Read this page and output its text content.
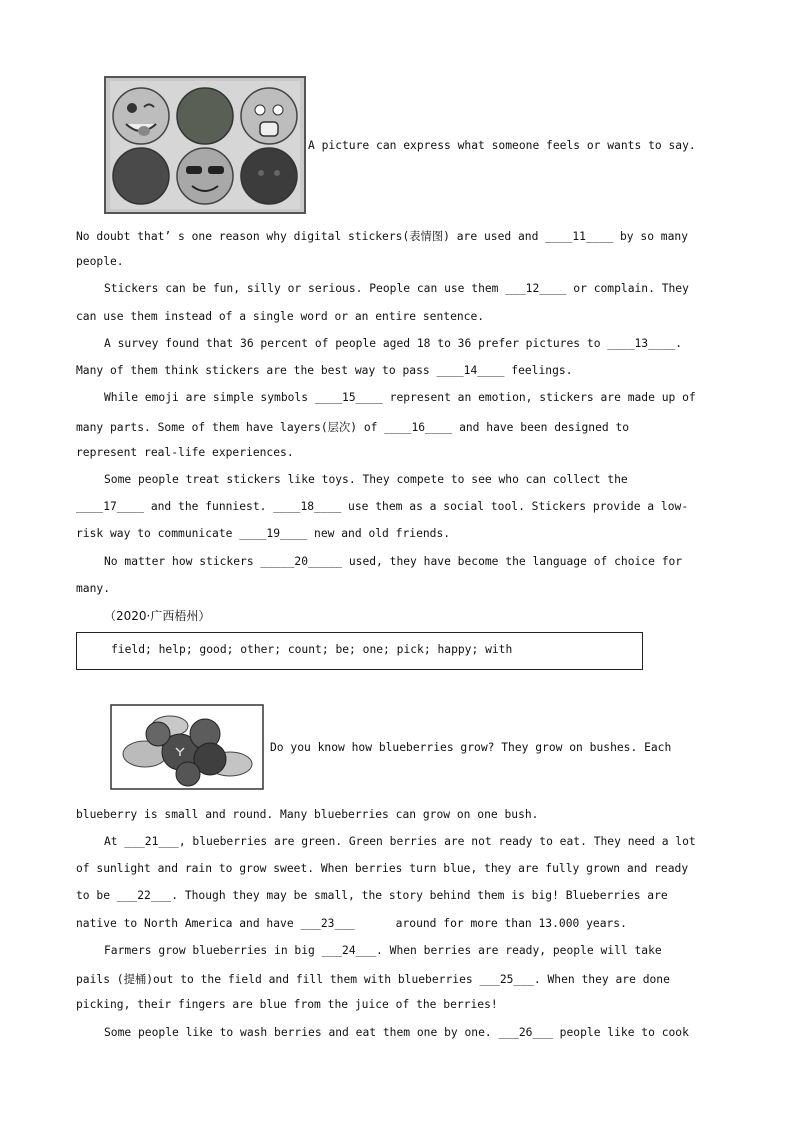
A picture can express what someone feels or wants to say.
No doubt that’ s one reason why digital stickers(表情图) are used and ____11____ by so many
people.
Stickers can be fun, silly or serious. People can use them ___12____ or complain. They
can use them instead of a single word or an entire sentence.
A survey found that 36 percent of people aged 18 to 36 prefer pictures to ____13____.
Many of them think stickers are the best way to pass ____14____ feelings.
While emoji are simple symbols ____15____ represent an emotion, stickers are made up of
many parts. Some of them have layers(层次) of ____16____ and have been designed to
represent real-life experiences.
Some people treat stickers like toys. They compete to see who can collect the
____17____ and the funniest. ____18____ use them as a social tool. Stickers provide a low-
risk way to communicate ____19____ new and old friends.
No matter how stickers _____20_____ used, they have become the language of choice for
many.
（2020·广西梧州）
field; help; good; other; count; be; one; pick; happy; with
Do you know how blueberries grow? They grow on bushes. Each
blueberry is small and round. Many blueberries can grow on one bush.
At ___21___, blueberries are green. Green berries are not ready to eat. They need a lot
of sunlight and rain to grow sweet. When berries turn blue, they are fully grown and ready
to be ___22___. Though they may be small, the story behind them is big! Blueberries are
native to North America and have ___23___      around for more than 13.000 years.
Farmers grow blueberries in big ___24___. When berries are ready, people will take
pails (提桶)out to the field and fill them with blueberries ___25___. When they are done
picking, their fingers are blue from the juice of the berries!
Some people like to wash berries and eat them one by one. ___26___ people like to cook
